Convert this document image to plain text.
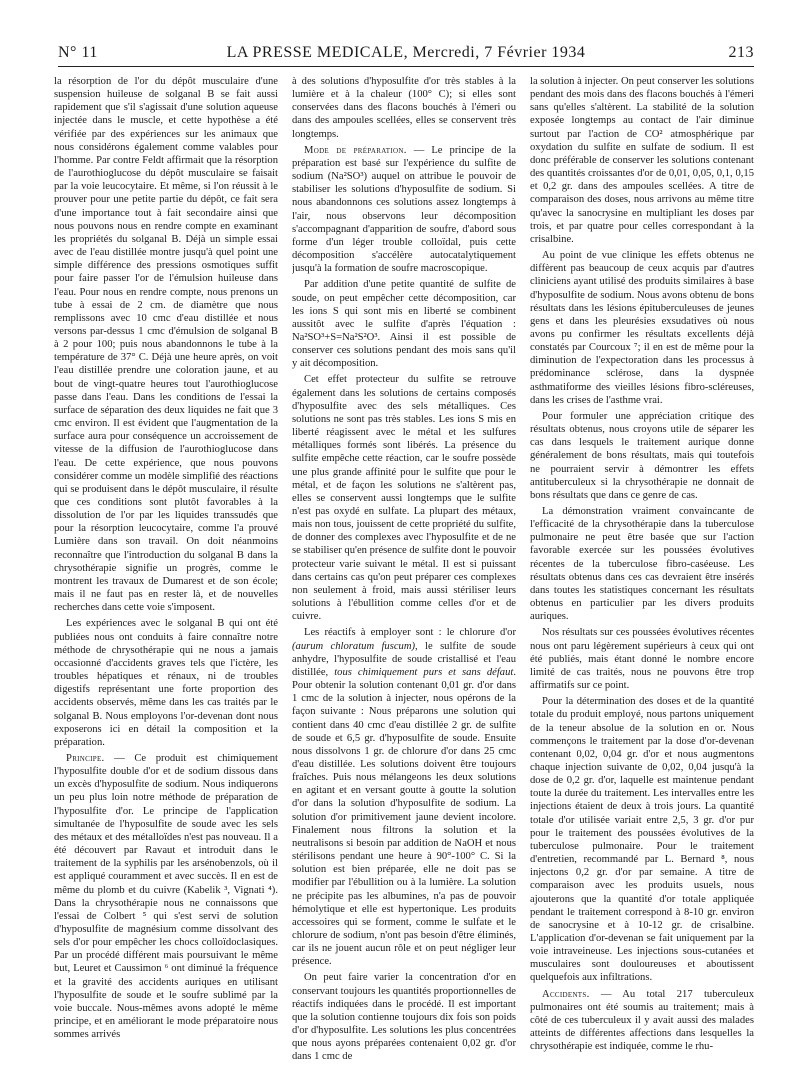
N° 11	LA PRESSE MEDICALE, Mercredi, 7 Février 1934	213

la résorption de l'or du dépôt musculaire d'une suspension huileuse de solganal B se fait aussi rapidement que s'il s'agissait d'une solution aqueuse injectée dans le muscle, et cette hypothèse a été vérifiée par des expériences sur les animaux que nous considérons également comme valables pour l'homme. Par contre Feldt affirmait que la résorption de l'aurothioglucose du dépôt musculaire se faisait par la voie leucocytaire. Et même, si l'on réussit à le prouver pour une petite partie du dépôt, ce fait sera d'une importance tout à fait secondaire ainsi que nous pouvons nous en rendre compte en examinant les propriétés du solganal B. Déjà un simple essai avec de l'eau distillée montre jusqu'à quel point une simple différence des pressions osmotiques suffit pour faire passer l'or de l'émulsion huileuse dans l'eau. Pour nous en rendre compte, nous prenons un tube à essai de 2 cm. de diamètre que nous remplissons avec 10 cmc d'eau distillée et nous versons par-dessus 1 cmc d'émulsion de solganal B à 2 pour 100; puis nous abandonnons le tube à la température de 37° C. Déjà une heure après, on voit l'eau distillée prendre une coloration jaune, et au bout de vingt-quatre heures tout l'aurothioglucose passe dans l'eau. Dans les conditions de l'essai la surface de séparation des deux liquides ne fait que 3 cmc environ. Il est évident que l'augmentation de la surface aura pour conséquence un accroissement de vitesse de la diffusion de l'aurothioglucose dans l'eau. De cette expérience, que nous pouvons considérer comme un modèle simplifié des réactions qui se produisent dans le dépôt musculaire, il résulte que ces conditions sont plutôt favorables à la dissolution de l'or par les liquides transsudés que pour la résorption leucocytaire, comme l'a prouvé Lumière dans son travail. On doit néanmoins reconnaître que l'introduction du solganal B dans la chrysothérapie signifie un progrès, comme le montrent les travaux de Dumarest et de son école; mais il ne faut pas en rester là, et de nouvelles recherches dans cette voie s'imposent.

Les expériences avec le solganal B qui ont été publiées nous ont conduits à faire connaître notre méthode de chrysothérapie qui ne nous a jamais occasionné d'accidents graves tels que l'ictère, les troubles hépatiques et rénaux, ni de troubles digestifs représentant une forte proportion des accidents observés, même dans les cas traités par le solganal B. Nous employons l'or-devenan dont nous exposerons ici en détail la composition et la préparation.

Principe. — Ce produit est chimiquement l'hyposulfite double d'or et de sodium dissous dans un excès d'hyposulfite de sodium. Nous indiquerons un peu plus loin notre méthode de préparation de l'hyposulfite d'or. Le principe de l'application simultanée de l'hyposulfite de soude avec les sels des métaux et des métalloïdes n'est pas nouveau. Il a été découvert par Ravaut et introduit dans le traitement de la syphilis par les arsénobenzols, où il est appliqué couramment et avec succès. Il en est de même du plomb et du cuivre (Kabelik ³, Vignati ⁴). Dans la chrysothérapie nous ne connaissons que l'essai de Colbert ⁵ qui s'est servi de solution d'hyposulfite de magnésium comme dissolvant des sels d'or pour empêcher les chocs colloïdoclasiques. Par un procédé différent mais poursuivant le même but, Leuret et Caussimon ⁶ ont diminué la fréquence et la gravité des accidents auriques en utilisant l'hyposulfite de soude et le soufre sublimé par la voie buccale. Nous-mêmes avons adopté le même principe, et en améliorant le mode préparatoire nous sommes arrivés

à des solutions d'hyposulfite d'or très stables à la lumière et à la chaleur (100° C); si elles sont conservées dans des flacons bouchés à l'émeri ou dans des ampoules scellées, elles se conservent très longtemps.

Mode de préparation. — Le principe de la préparation est basé sur l'expérience du sulfite de sodium (Na²SO³) auquel on attribue le pouvoir de stabiliser les solutions d'hyposulfite de sodium. Si nous abandonnons ces solutions assez longtemps à l'air, nous observons leur décomposition s'accompagnant d'apparition de soufre, d'abord sous forme d'un léger trouble colloïdal, puis cette décomposition s'accélère autocatalytiquement jusqu'à la formation de soufre macroscopique.

Par addition d'une petite quantité de sulfite de soude, on peut empêcher cette décomposition, car les ions S qui sont mis en liberté se combinent aussitôt avec le sulfite d'après l'équation : Na²SO³+S=Na²S²O³. Ainsi il est possible de conserver ces solutions pendant des mois sans qu'il y ait décomposition.

Cet effet protecteur du sulfite se retrouve également dans les solutions de certains composés d'hyposulfite avec des sels métalliques. Ces solutions ne sont pas très stables. Les ions S mis en liberté réagissent avec le métal et les sulfures métalliques formés sont libérés. La présence du sulfite empêche cette réaction, car le soufre possède une plus grande affinité pour le sulfite que pour le métal, et de façon les solutions ne s'altèrent pas, elles se conservent aussi longtemps que le sulfite n'est pas oxydé en sulfate. La plupart des métaux, mais non tous, jouissent de cette propriété du sulfite, de donner des complexes avec l'hyposulfite et de ne se stabiliser qu'en présence de sulfite dont le pouvoir protecteur varie suivant le métal. Il est si puissant dans certains cas qu'on peut préparer ces complexes non seulement à froid, mais aussi stériliser leurs solutions à l'ébullition comme celles d'or et de cuivre.

Les réactifs à employer sont : le chlorure d'or (aurum chloratum fuscum), le sulfite de soude anhydre, l'hyposulfite de soude cristallisé et l'eau distillée, tous chimiquement purs et sans défaut. Pour obtenir la solution contenant 0,01 gr. d'or dans 1 cmc de la solution à injecter, nous opérons de la façon suivante : Nous préparons une solution qui contient dans 40 cmc d'eau distillée 2 gr. de sulfite de soude et 6,5 gr. d'hyposulfite de soude. Ensuite nous dissolvons 1 gr. de chlorure d'or dans 25 cmc d'eau distillée. Les solutions doivent être toujours fraîches. Puis nous mélangeons les deux solutions en agitant et en versant goutte à goutte la solution d'or dans la solution d'hyposulfite de sodium. La solution d'or primitivement jaune devient incolore. Finalement nous filtrons la solution et la neutralisons si besoin par addition de NaOH et nous stérilisons pendant une heure à 90°-100° C. Si la solution est bien préparée, elle ne doit pas se modifier par l'ébullition ou à la lumière. La solution ne précipite pas les albumines, n'a pas de pouvoir hémolytique et elle est hypertonique. Les produits accessoires qui se forment, comme le sulfate et le chlorure de sodium, n'ont pas besoin d'être éliminés, car ils ne jouent aucun rôle et on peut négliger leur présence.

On peut faire varier la concentration d'or en conservant toujours les quantités proportionnelles de réactifs indiquées dans le procédé. Il est important que la solution contienne toujours dix fois son poids d'or d'hyposulfite. Les solutions les plus concentrées que nous ayons préparées contenaient 0,02 gr. d'or dans 1 cmc de

la solution à injecter. On peut conserver les solutions pendant des mois dans des flacons bouchés à l'émeri sans qu'elles s'altèrent. La stabilité de la solution exposée longtemps au contact de l'air diminue surtout par l'action de CO² atmosphérique par oxydation du sulfite en sulfate de sodium. Il est donc préférable de conserver les solutions contenant des quantités croissantes d'or de 0,01, 0,05, 0,1, 0,15 et 0,2 gr. dans des ampoules scellées. A titre de comparaison des doses, nous arrivons au même titre qu'avec la sanocrysine en multipliant les doses par trois, et par quatre pour celles correspondant à la crisalbine.

Au point de vue clinique les effets obtenus ne diffèrent pas beaucoup de ceux acquis par d'autres cliniciens ayant utilisé des produits similaires à base d'hyposulfite de sodium. Nous avons obtenu de bons résultats dans les lésions épituberculeuses de jeunes gens et dans les pleurésies exsudatives où nous avons pu confirmer les résultats excellents déjà constatés par Courcoux ⁷; il en est de même pour la diminution de l'expectoration dans les processus à prédominance sclérose, dans la dyspnée asthmatiforme des vieilles lésions fibro-scléreuses, dans les crises de l'asthme vrai.

Pour formuler une appréciation critique des résultats obtenus, nous croyons utile de séparer les cas dans lesquels le traitement aurique donne généralement de bons résultats, mais qui toutefois ne pourraient servir à démontrer les effets antituberculeux si la chrysothérapie ne donnait de bons résultats que dans ce genre de cas.

La démonstration vraiment convaincante de l'efficacité de la chrysothérapie dans la tuberculose pulmonaire ne peut être basée que sur l'action favorable exercée sur les poussées évolutives récentes de la tuberculose fibro-caséeuse. Les résultats obtenus dans ces cas devraient être insérés dans toutes les statistiques concernant les résultats obtenus en particulier par les divers produits auriques.

Nos résultats sur ces poussées évolutives récentes nous ont paru légèrement supérieurs à ceux qui ont été publiés, mais étant donné le nombre encore limité de cas traités, nous ne pouvons être trop affirmatifs sur ce point.

Pour la détermination des doses et de la quantité totale du produit employé, nous partons uniquement de la teneur absolue de la solution en or. Nous commençons le traitement par la dose d'or-devenan contenant 0,02, 0,04 gr. d'or et nous augmentons chaque injection suivante de 0,02, 0,04 jusqu'à la dose de 0,2 gr. d'or, laquelle est maintenue pendant toute la durée du traitement. Les intervalles entre les injections étaient de deux à trois jours. La quantité totale d'or utilisée variait entre 2,5, 3 gr. d'or pur pour le traitement des poussées évolutives de la tuberculose pulmonaire. Pour le traitement d'entretien, recommandé par L. Bernard ⁸, nous injectons 0,2 gr. d'or par semaine. A titre de comparaison avec les produits usuels, nous ajouterons que la quantité d'or totale appliquée pendant le traitement correspond à 8-10 gr. environ de sanocrysine et à 10-12 gr. de crisalbine. L'application d'or-devenan se fait uniquement par la voie intraveineuse. Les injections sous-cutanées et musculaires sont douloureuses et aboutissent quelquefois aux infiltrations.

Accidents. — Au total 217 tuberculeux pulmonaires ont été soumis au traitement; mais à côté de ces tuberculeux il y avait aussi des malades atteints de différentes affections dans lesquelles la chrysothérapie est indiquée, comme le rhu-
